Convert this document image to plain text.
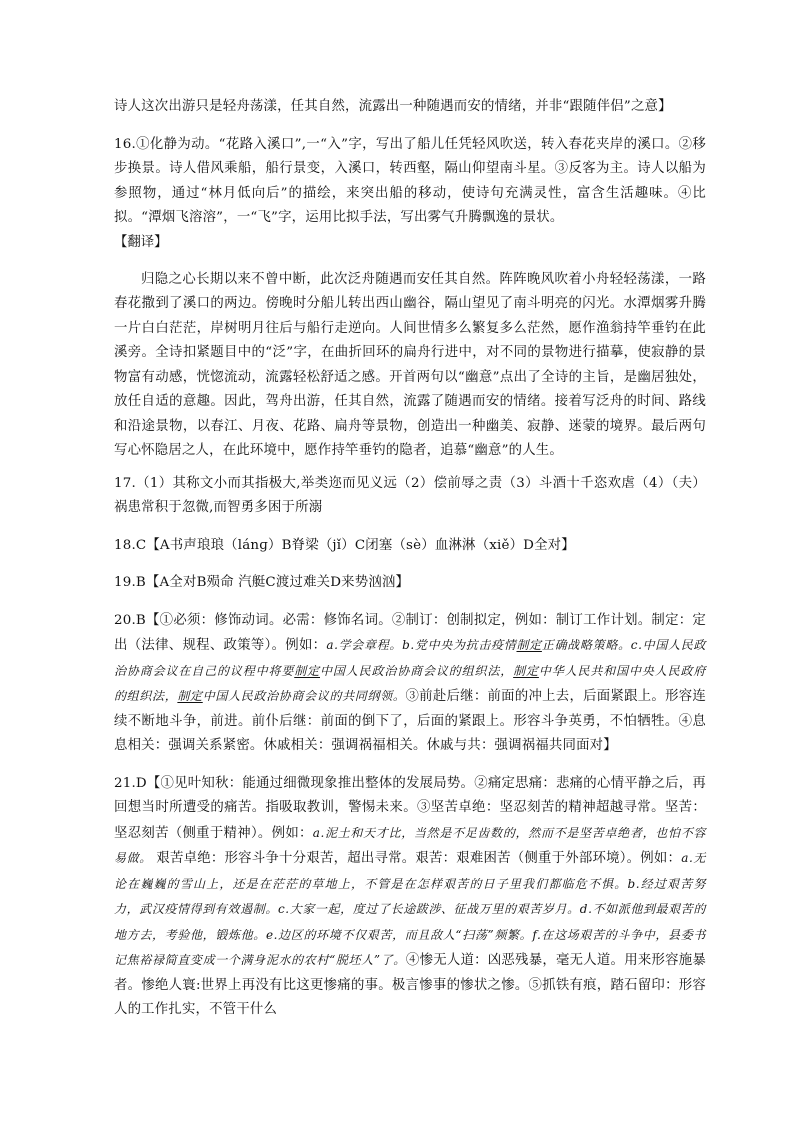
诗人这次出游只是轻舟荡漾，任其自然，流露出一种随遇而安的情绪，并非“跟随伴侣”之意】

16.①化静为动。“花路入溪口”,一“入”字，写出了船儿任凭轻风吹送，转入春花夹岸的溪口。②移步换景。诗人借风乘船，船行景变，入溪口，转西壑，隔山仰望南斗星。③反客为主。诗人以船为参照物，通过“林月低向后”的描绘，来突出船的移动，使诗句充满灵性，富含生活趣味。④比拟。“潭烟飞溶溶”，一“飞”字，运用比拟手法，写出雾气升腾飘逸的景状。

【翻译】

归隐之心长期以来不曾中断，此次泛舟随遇而安任其自然。阵阵晚风吹着小舟轻轻荡漾，一路春花撒到了溪口的两边。傍晚时分船儿转出西山幽谷，隔山望见了南斗明亮的闪光。水潭烟雾升腾一片白白茫茫，岸树明月往后与船行走逆向。人间世情多么繁复多么茫然，愿作渔翁持竿垂钓在此溪旁。全诗扣紧题目中的“泛”字，在曲折回环的扁舟行进中，对不同的景物进行描摹，使寂静的景物富有动感，恍惚流动，流露轻松舒适之感。开首两句以“幽意”点出了全诗的主旨，是幽居独处，放任自适的意趣。因此，驾舟出游，任其自然，流露了随遇而安的情绪。接着写泛舟的时间、路线和沿途景物，以春江、月夜、花路、扁舟等景物，创造出一种幽美、寂静、迷蒙的境界。最后两句写心怀隐居之人，在此环境中，愿作持竿垂钓的隐者，追慕“幽意”的人生。

17.（1）其称文小而其指极大,举类迩而见义远（2）偿前辱之责（3）斗酒十千恣欢虐（4）（夫）祸患常积于忽微,而智勇多困于所溺

18.C【A书声琅琅（lánɡ）B脊梁（jǐ）C闭塞（sè）血淋淋（xiě）D全对】

19.B【A全对B殒命 汽艇C渡过难关D来势汹汹】

20.B【①必须：修饰动词。必需：修饰名词。②制订：创制拟定，例如：制订工作计划。制定：定出（法律、规程、政策等）。例如：a.学会章程。b.党中央为抗击疫情制定正确战略策略。c.中国人民政治协商会议在自己的议程中将要制定中国人民政治协商会议的组织法，制定中华人民共和国中央人民政府的组织法，制定中国人民政治协商会议的共同纲领。③前赴后继：前面的冲上去，后面紧跟上。形容连续不断地斗争，前进。前仆后继：前面的倒下了，后面的紧跟上。形容斗争英勇，不怕牺牲。④息息相关：强调关系紧密。休戚相关：强调祸福相关。休戚与共：强调祸福共同面对】

21.D【①见叶知秋：能通过细微现象推出整体的发展局势。②痛定思痛：悲痛的心情平静之后，再回想当时所遭受的痛苦。指吸取教训，警惕未来。③坚苦卓绝：坚忍刻苦的精神超越寻常。坚苦：坚忍刻苦（侧重于精神）。例如：a.泥土和天才比，当然是不足齿数的，然而不是坚苦卓绝者，也怕不容易做。 艰苦卓绝：形容斗争十分艰苦，超出寻常。艰苦：艰难困苦（侧重于外部环境）。例如：a.无论在巍巍的雪山上，还是在茫茫的草地上，不管是在怎样艰苦的日子里我们都临危不惧。b.经过艰苦努力，武汉疫情得到有效遏制。c.大家一起，度过了长途跋涉、征战万里的艰苦岁月。d.不如派他到最艰苦的地方去，考验他，锻炼他。e.边区的环境不仅艰苦，而且敌人“扫荡”频繁。f.在这场艰苦的斗争中，县委书记焦裕禄简直变成一个满身泥水的农村“脱坯人”了。④惨无人道：凶恶残暴，毫无人道。用来形容施暴者。惨绝人寰:世界上再没有比这更惨痛的事。极言惨事的惨状之惨。⑤抓铁有痕，踏石留印：形容人的工作扎实，不管干什么
